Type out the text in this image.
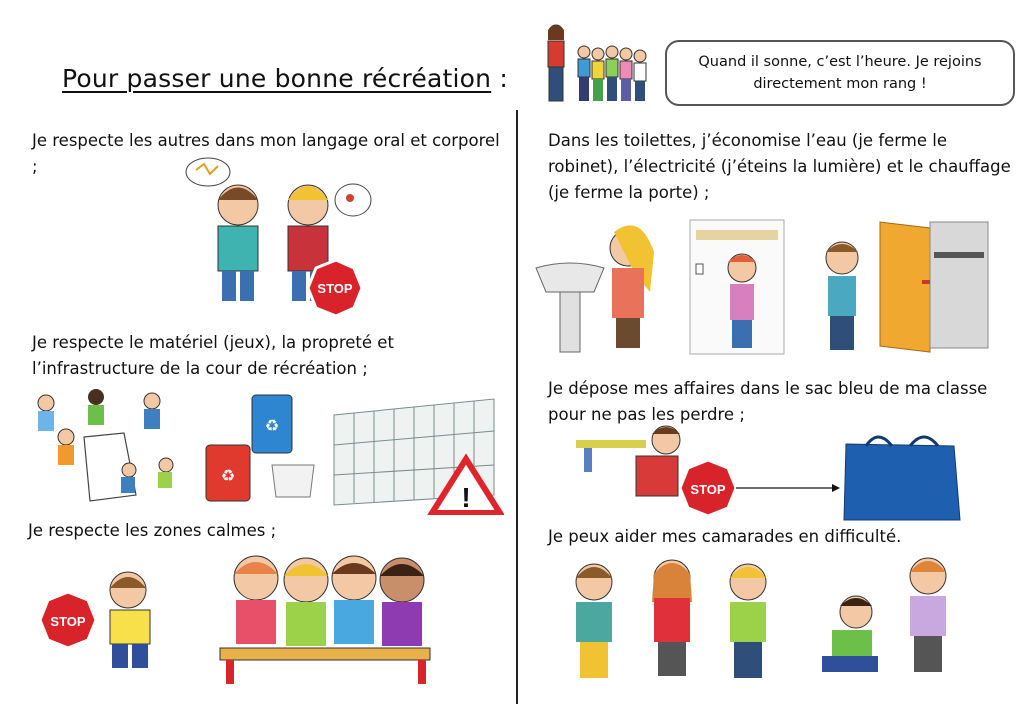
Pour passer une bonne récréation :
Quand il sonne, c’est l’heure. Je rejoins directement mon rang !
Je respecte les autres dans mon langage oral et corporel ;
STOP
Je respecte le matériel (jeux), la propreté et l’infrastructure de la cour de récréation ;
♻
♻
!
Je respecte les zones calmes ;
STOP
Dans les toilettes, j’économise l’eau (je ferme le robinet), l’électricité (j’éteins la lumière) et le chauffage (je ferme la porte) ;
Je dépose mes affaires dans le sac bleu de ma classe pour ne pas les perdre ;
STOP
Je peux aider mes camarades en difficulté.
